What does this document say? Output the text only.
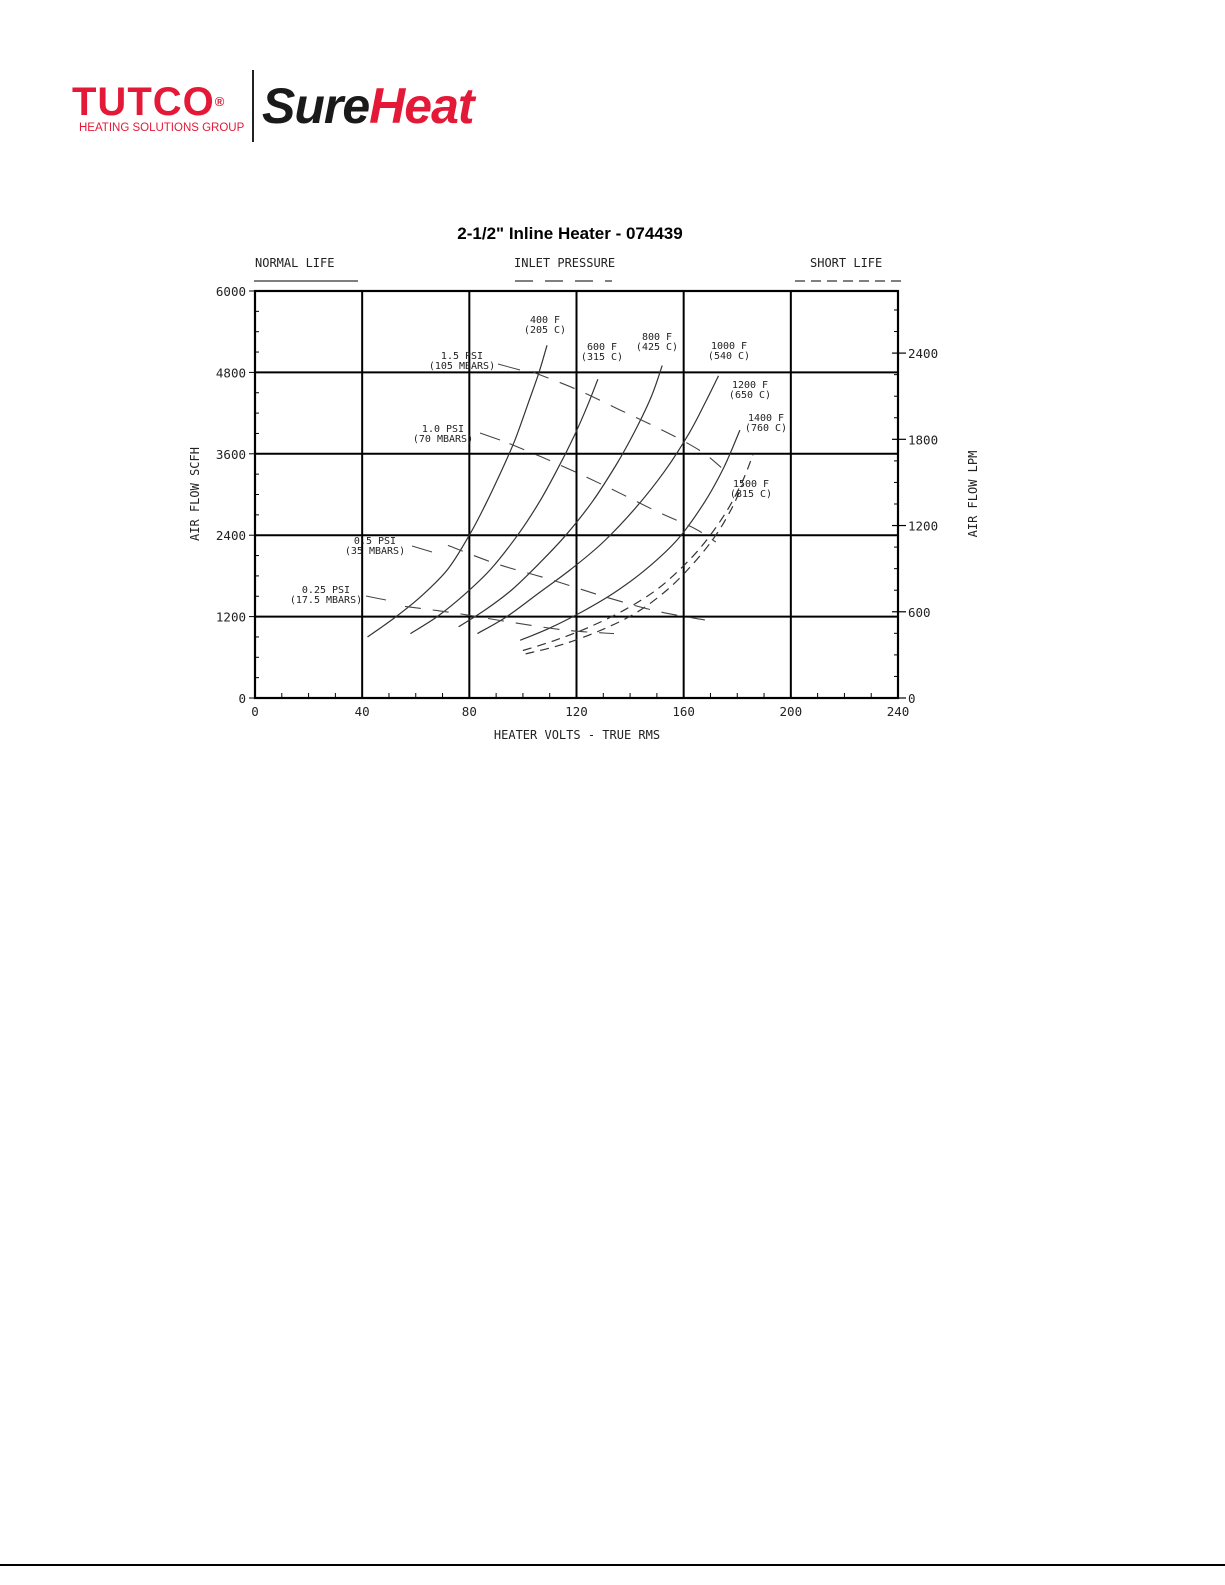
TUTCO®
HEATING SOLUTIONS GROUP SureHeat
2-1/2" Inline Heater - 074439
NORMAL LIFE	INLET PRESSURE	SHORT LIFE
0	40	80	120	160	200	240
0
1200
2400
3600
4800
6000
0
600
1200
1800
2400
400 F
(205 C)
600 F
(315 C)
800 F
(425 C)	1000 F
(540 C)
1200 F
(650 C)
1400 F
(760 C)
1500 F
(815 C)
1.5 PSI
(105 MBARS)
1.0 PSI
(70 MBARS)
0.5 PSI
(35 MBARS)
0.25 PSI
(17.5 MBARS)
HEATER VOLTS - TRUE RMS
AIR FLOW SCFH	AIR FLOW LPM
